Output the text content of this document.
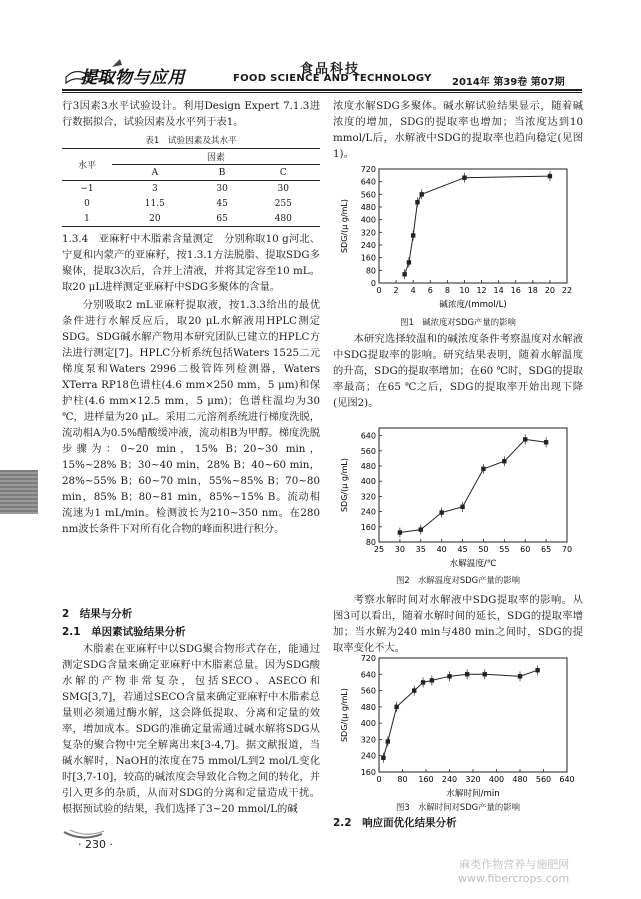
提取物与应用	食品科技
FOOD SCIENCE AND TECHNOLOGY 2014年 第39卷 第07期

行3因素3水平试验设计。利用Design Expert 7.1.3进行数据拟合，试验因素及水平列于表1。

表1　试验因素及其水平
水平	因素		
	A	B	C
−1	3	30	30
0	11.5	45	255
1	20	65	480

1.3.4　亚麻籽中木脂素含量测定　分别称取10 g河北、宁夏和内蒙产的亚麻籽，按1.3.1方法脱脂、提取SDG多聚体，提取3次后，合并上清液，并将其定容至10 mL。取20 μL进样测定亚麻籽中SDG多聚体的含量。

分别吸取2 mL亚麻籽提取液，按1.3.3给出的最优条件进行水解反应后，取20 μL水解液用HPLC测定SDG。SDG碱水解产物用本研究团队已建立的HPLC方法进行测定[7]。HPLC分析系统包括Waters 1525二元梯度泵和Waters 2996二极管阵列检测器，Waters XTerra RP18色谱柱(4.6 mm×250 mm，5 μm)和保护柱(4.6 mm×12.5 mm，5 μm)；色谱柱温均为30 ℃，进样量为20 μL。采用二元溶剂系统进行梯度洗脱，流动相A为0.5%醋酸缓冲液，流动相B为甲醇。梯度洗脱步骤为：0~20 min，15% B；20~30 min，15%~28% B；30~40 min，28% B；40~60 min，28%~55% B；60~70 min，55%~85% B；70~80 min，85% B；80~81 min，85%~15% B。流动相流速为1 mL/min。检测波长为210~350 nm。在280 nm波长条件下对所有化合物的峰面积进行积分。

2　结果与分析
2.1　单因素试验结果分析
木脂素在亚麻籽中以SDG聚合物形式存在，能通过测定SDG含量来确定亚麻籽中木脂素总量。因为SDG酸水解的产物非常复杂，包括SECO、ASECO和SMG[3,7]，若通过SECO含量来确定亚麻籽中木脂素总量则必须通过酶水解，这会降低提取、分离和定量的效率，增加成本。SDG的准确定量需通过碱水解将SDG从复杂的聚合物中完全解离出来[3-4,7]。据文献报道，当碱水解时，NaOH的浓度在75 mmol/L到2 mol/L变化时[3,7-10]，较高的碱浓度会导致化合物之间的转化，并引入更多的杂质，从而对SDG的分离和定量造成干扰。根据预试验的结果，我们选择了3~20 mmol/L的碱
浓度水解SDG多聚体。碱水解试验结果显示，随着碱浓度的增加，SDG的提取率也增加；当浓度达到10 mmol/L后，水解液中SDG的提取率也趋向稳定(见图1)。
0 2 4 6 8 10 12 14 16 18 20 22
0
80
160
240
320
400
480
560
640
720
碱浓度/(mmol/L)
SDG/(μ g/mL)
图1　碱浓度对SDG产量的影响
本研究选择较温和的碱浓度条件考察温度对水解液中SDG提取率的影响。研究结果表明，随着水解温度的升高，SDG的提取率增加；在60 ℃时，SDG的提取率最高；在65 ℃之后，SDG的提取率开始出现下降(见图2)。
25 30 35 40 45 50 55 60 65 70
80
160
240
320
400
480
560
640
水解温度/℃
SDG/(μ g/mL)
图2　水解温度对SDG产量的影响
考察水解时间对水解液中SDG提取率的影响。从图3可以看出，随着水解时间的延长，SDG的提取率增加；当水解为240 min与480 min之间时，SDG的提取率变化不大。
0 80 160 240 320 400 480 560 640
160
240
320
400
480
560
640
720
水解时间/min
SDG/(μ g/mL)
图3　水解时间对SDG产量的影响
2.2　响应面优化结果分析
· 230 ·
麻类作物营养与施肥网
www.fibercrops.com
